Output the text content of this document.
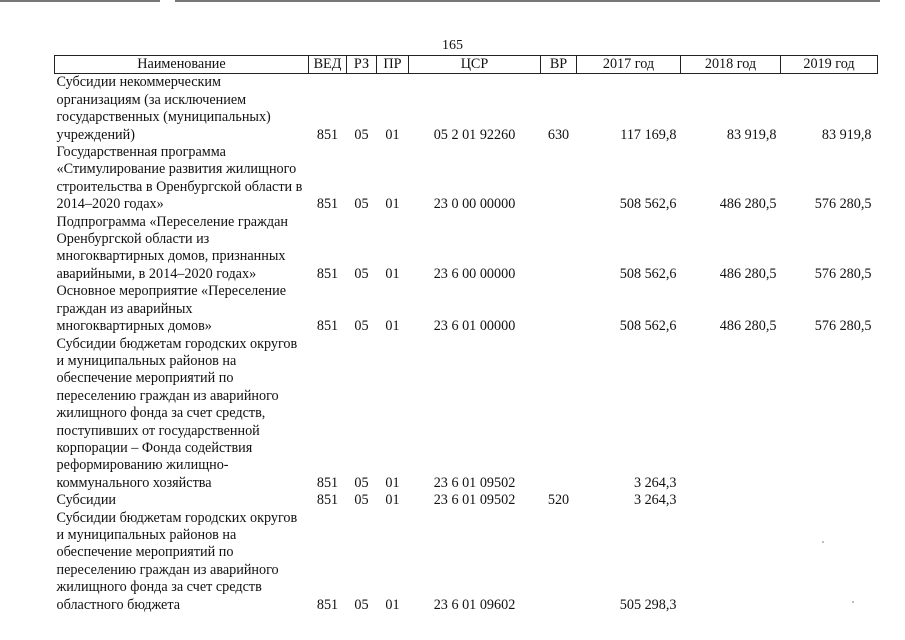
165
Наименование	ВЕД	РЗ	ПР	ЦСР	ВР	2017 год	2018 год	2019 год
Субсидии некоммерческим организациям (за исключением государственных (муниципальных) учреждений)	851	05	01	05 2 01 92260	630	117 169,8	83 919,8	83 919,8
Государственная программа «Стимулирование развития жилищного строительства в Оренбургской области в 2014–2020 годах»	851	05	01	23 0 00 00000		508 562,6	486 280,5	576 280,5
Подпрограмма «Переселение граждан Оренбургской области из многоквартирных домов, признанных аварийными, в 2014–2020 годах»	851	05	01	23 6 00 00000		508 562,6	486 280,5	576 280,5
Основное мероприятие «Переселение граждан из аварийных многоквартирных домов»	851	05	01	23 6 01 00000		508 562,6	486 280,5	576 280,5
Субсидии бюджетам городских округов и муниципальных районов на обеспечение мероприятий по переселению граждан из аварийного жилищного фонда за счет средств, поступивших от государственной корпорации – Фонда содействия реформированию жилищно-коммунального хозяйства	851	05	01	23 6 01 09502		3 264,3		
Субсидии	851	05	01	23 6 01 09502	520	3 264,3		
Субсидии бюджетам городских округов и муниципальных районов на обеспечение мероприятий по переселению граждан из аварийного жилищного фонда за счет средств областного бюджета	851	05	01	23 6 01 09602		505 298,3		
